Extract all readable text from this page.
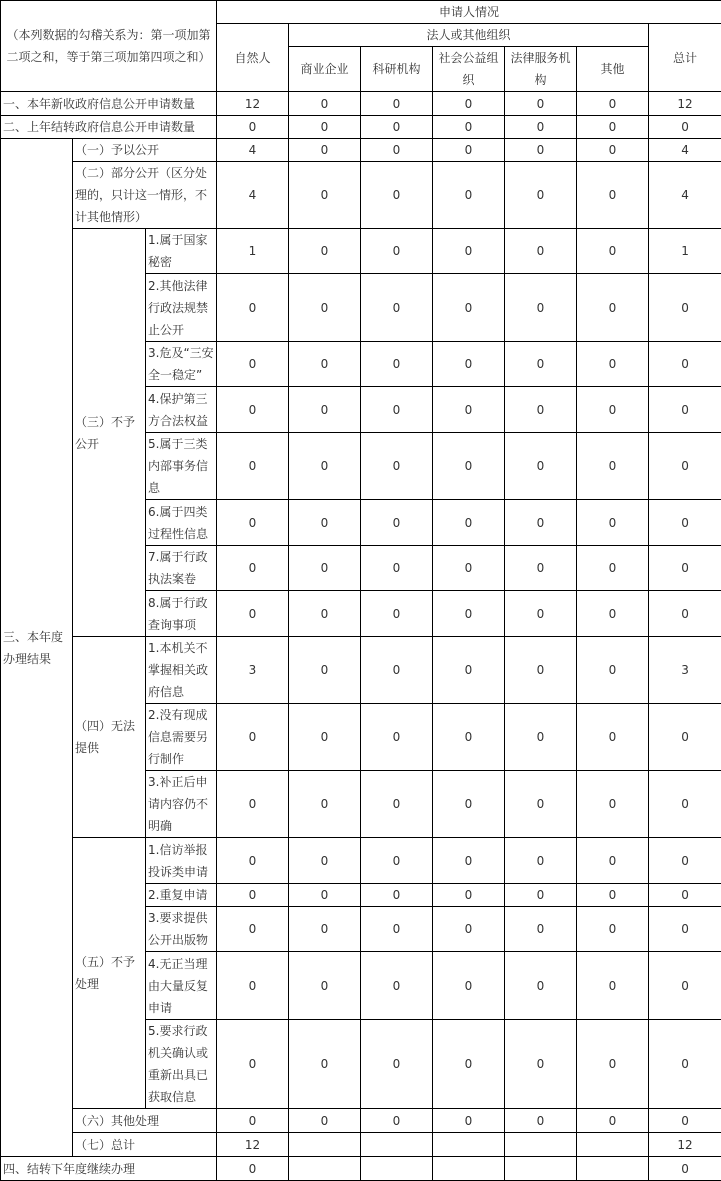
（本列数据的勾稽关系为：第一项加第二项之和，等于第三项加第四项之和）			申请人情况						
			自然人	法人或其他组织					总计
				商业企业	科研机构	社会公益组织	法律服务机构	其他	
一、本年新收政府信息公开申请数量			12	0	0	0	0	0	12
二、上年结转政府信息公开申请数量			0	0	0	0	0	0	0
三、本年度办理结果	（一）予以公开		4	0	0	0	0	0	4
	（二）部分公开（区分处理的，只计这一情形，不计其他情形）		4	0	0	0	0	0	4
	（三）不予公开	1.属于国家秘密	1	0	0	0	0	0	1
		2.其他法律行政法规禁止公开	0	0	0	0	0	0	0
		3.危及“三安全一稳定”	0	0	0	0	0	0	0
		4.保护第三方合法权益	0	0	0	0	0	0	0
		5.属于三类内部事务信息	0	0	0	0	0	0	0
		6.属于四类过程性信息	0	0	0	0	0	0	0
		7.属于行政执法案卷	0	0	0	0	0	0	0
		8.属于行政查询事项	0	0	0	0	0	0	0
	（四）无法提供	1.本机关不掌握相关政府信息	3	0	0	0	0	0	3
		2.没有现成信息需要另行制作	0	0	0	0	0	0	0
		3.补正后申请内容仍不明确	0	0	0	0	0	0	0
	（五）不予处理	1.信访举报投诉类申请	0	0	0	0	0	0	0
		2.重复申请	0	0	0	0	0	0	0
		3.要求提供公开出版物	0	0	0	0	0	0	0
		4.无正当理由大量反复申请	0	0	0	0	0	0	0
		5.要求行政机关确认或重新出具已获取信息	0	0	0	0	0	0	0
	（六）其他处理		0	0	0	0	0	0	0
	（七）总计		12						12
四、结转下年度继续办理			0						0
